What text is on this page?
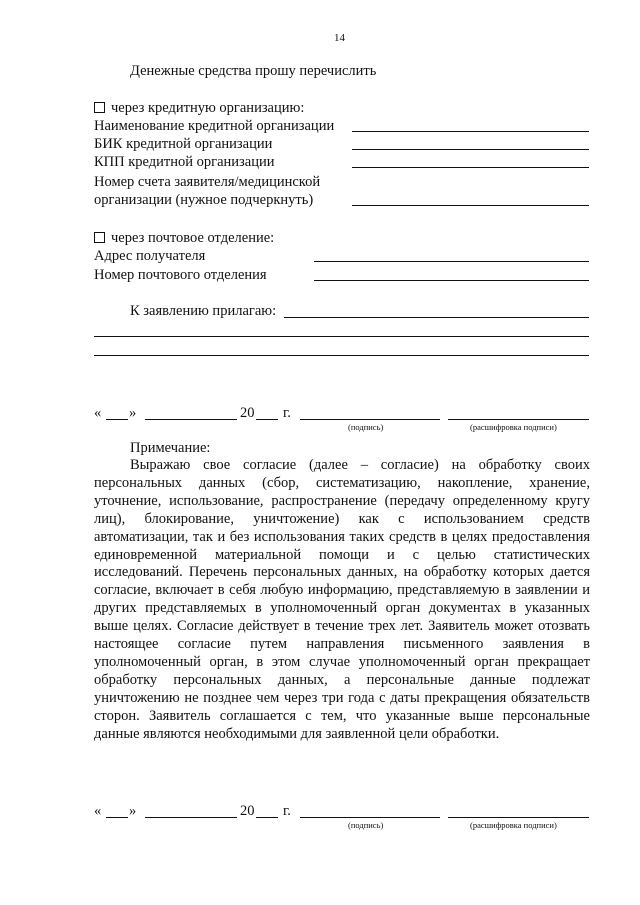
14
Денежные средства прошу перечислить
через кредитную организацию:
Наименование кредитной организации
БИК кредитной организации
КПП кредитной организации
Номер счета заявителя/медицинской
организации (нужное подчеркнуть)
через почтовое отделение:
Адрес получателя
Номер почтового отделения
К заявлению прилагаю:
« »	20 г.
(подпись)	(расшифровка подписи)
Примечание:

Выражаю свое согласие (далее – согласие) на обработку своих персональных данных (сбор, систематизацию, накопление, хранение, уточнение, использование, распространение (передачу определенному кругу лиц), блокирование, уничтожение) как с использованием средств автоматизации, так и без использования таких средств в целях предоставления единовременной материальной помощи и с целью статистических исследований. Перечень персональных данных, на обработку которых дается согласие, включает в себя любую информацию, представляемую в заявлении и других представляемых в уполномоченный орган документах в указанных выше целях. Согласие действует в течение трех лет. Заявитель может отозвать настоящее согласие путем направления письменного заявления в уполномоченный орган, в этом случае уполномоченный орган прекращает обработку персональных данных, а персональные данные подлежат уничтожению не позднее чем через три года с даты прекращения обязательств сторон. Заявитель соглашается с тем, что указанные выше персональные данные являются необходимыми для заявленной цели обработки.

« »	20 г.
(подпись)	(расшифровка подписи)
